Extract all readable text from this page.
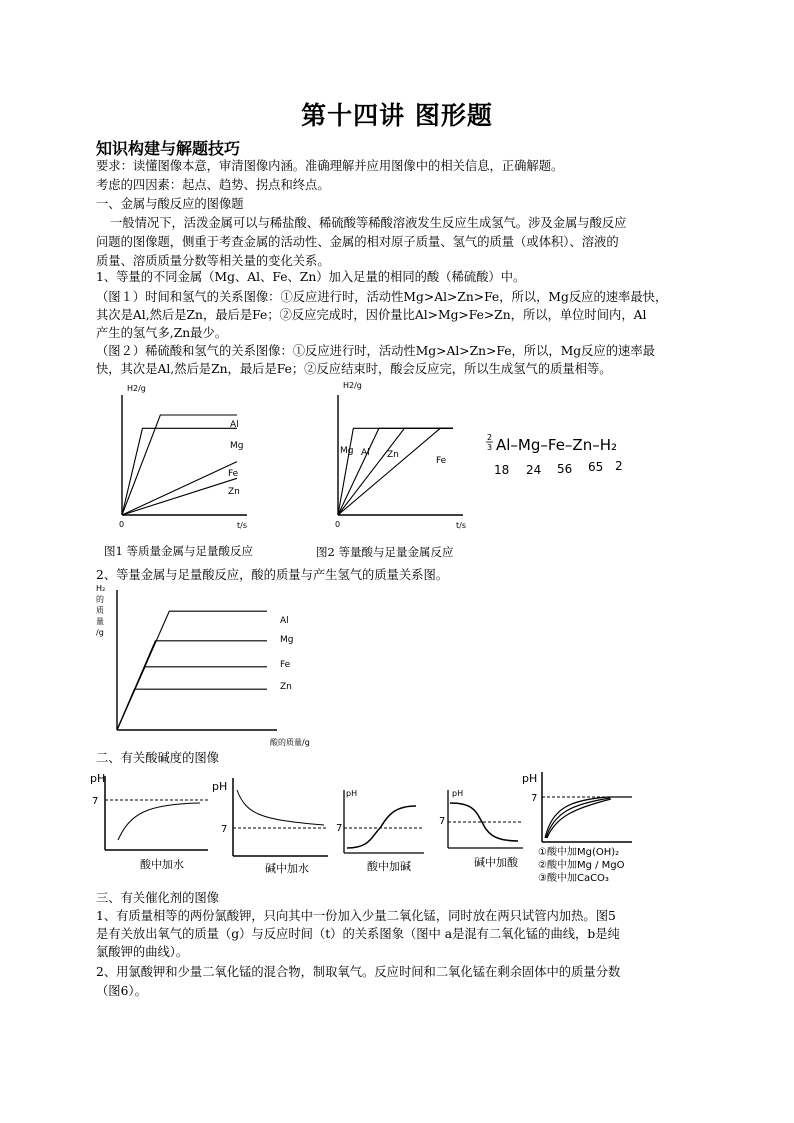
第十四讲 图形题
知识构建与解题技巧
要求：读懂图像本意，审清图像内涵。准确理解并应用图像中的相关信息，正确解题。
考虑的四因素：起点、趋势、拐点和终点。
一、金属与酸反应的图像题
一般情况下，活泼金属可以与稀盐酸、稀硫酸等稀酸溶液发生反应生成氢气。涉及金属与酸反应
问题的图像题，侧重于考查金属的活动性、金属的相对原子质量、氢气的质量（或体积）、溶液的
质量、溶质质量分数等相关量的变化关系。
1、等量的不同金属（Mg、Al、Fe、Zn）加入足量的相同的酸（稀硫酸）中。
（图１）时间和氢气的关系图像：①反应进行时，活动性Mg>Al>Zn>Fe，所以，Mg反应的速率最快，
其次是Al,然后是Zn，最后是Fe；②反应完成时，因价量比Al>Mg>Fe>Zn，所以，单位时间内，Al
产生的氢气多,Zn最少。
（图２）稀硫酸和氢气的关系图像：①反应进行时，活动性Mg>Al>Zn>Fe，所以，Mg反应的速率最
快，其次是Al,然后是Zn，最后是Fe；②反应结束时，酸会反应完，所以生成氢气的质量相等。
H2/g
t/s
0
Al
Mg
Fe
Zn
H2/g
t/s
0
Mg Al Zn
Fe
2
3 Al–Mg–Fe–Zn–H₂
18 24 56 65 2
图1 等质量金属与足量酸反应	图2 等量酸与足量金属反应
2、等量金属与足量酸反应，酸的质量与产生氢气的质量关系图。
H₂
的
质
量
/g
酸的质量/g
Al
Mg
Fe
Zn
二、有关酸碱度的图像
pH
7
酸中加水
pH
7
碱中加水
pH
7
酸中加碱
pH
7
碱中加酸
pH
7
①酸中加Mg(OH)₂
②酸中加Mg / MgO
③酸中加CaCO₃
三、有关催化剂的图像
1、有质量相等的两份氯酸钾，只向其中一份加入少量二氧化锰，同时放在两只试管内加热。图5
是有关放出氧气的质量（g）与反应时间（t）的关系图象（图中 a是混有二氧化锰的曲线，b是纯
氯酸钾的曲线）。
2、用氯酸钾和少量二氧化锰的混合物，制取氧气。反应时间和二氧化锰在剩余固体中的质量分数
（图6）。
